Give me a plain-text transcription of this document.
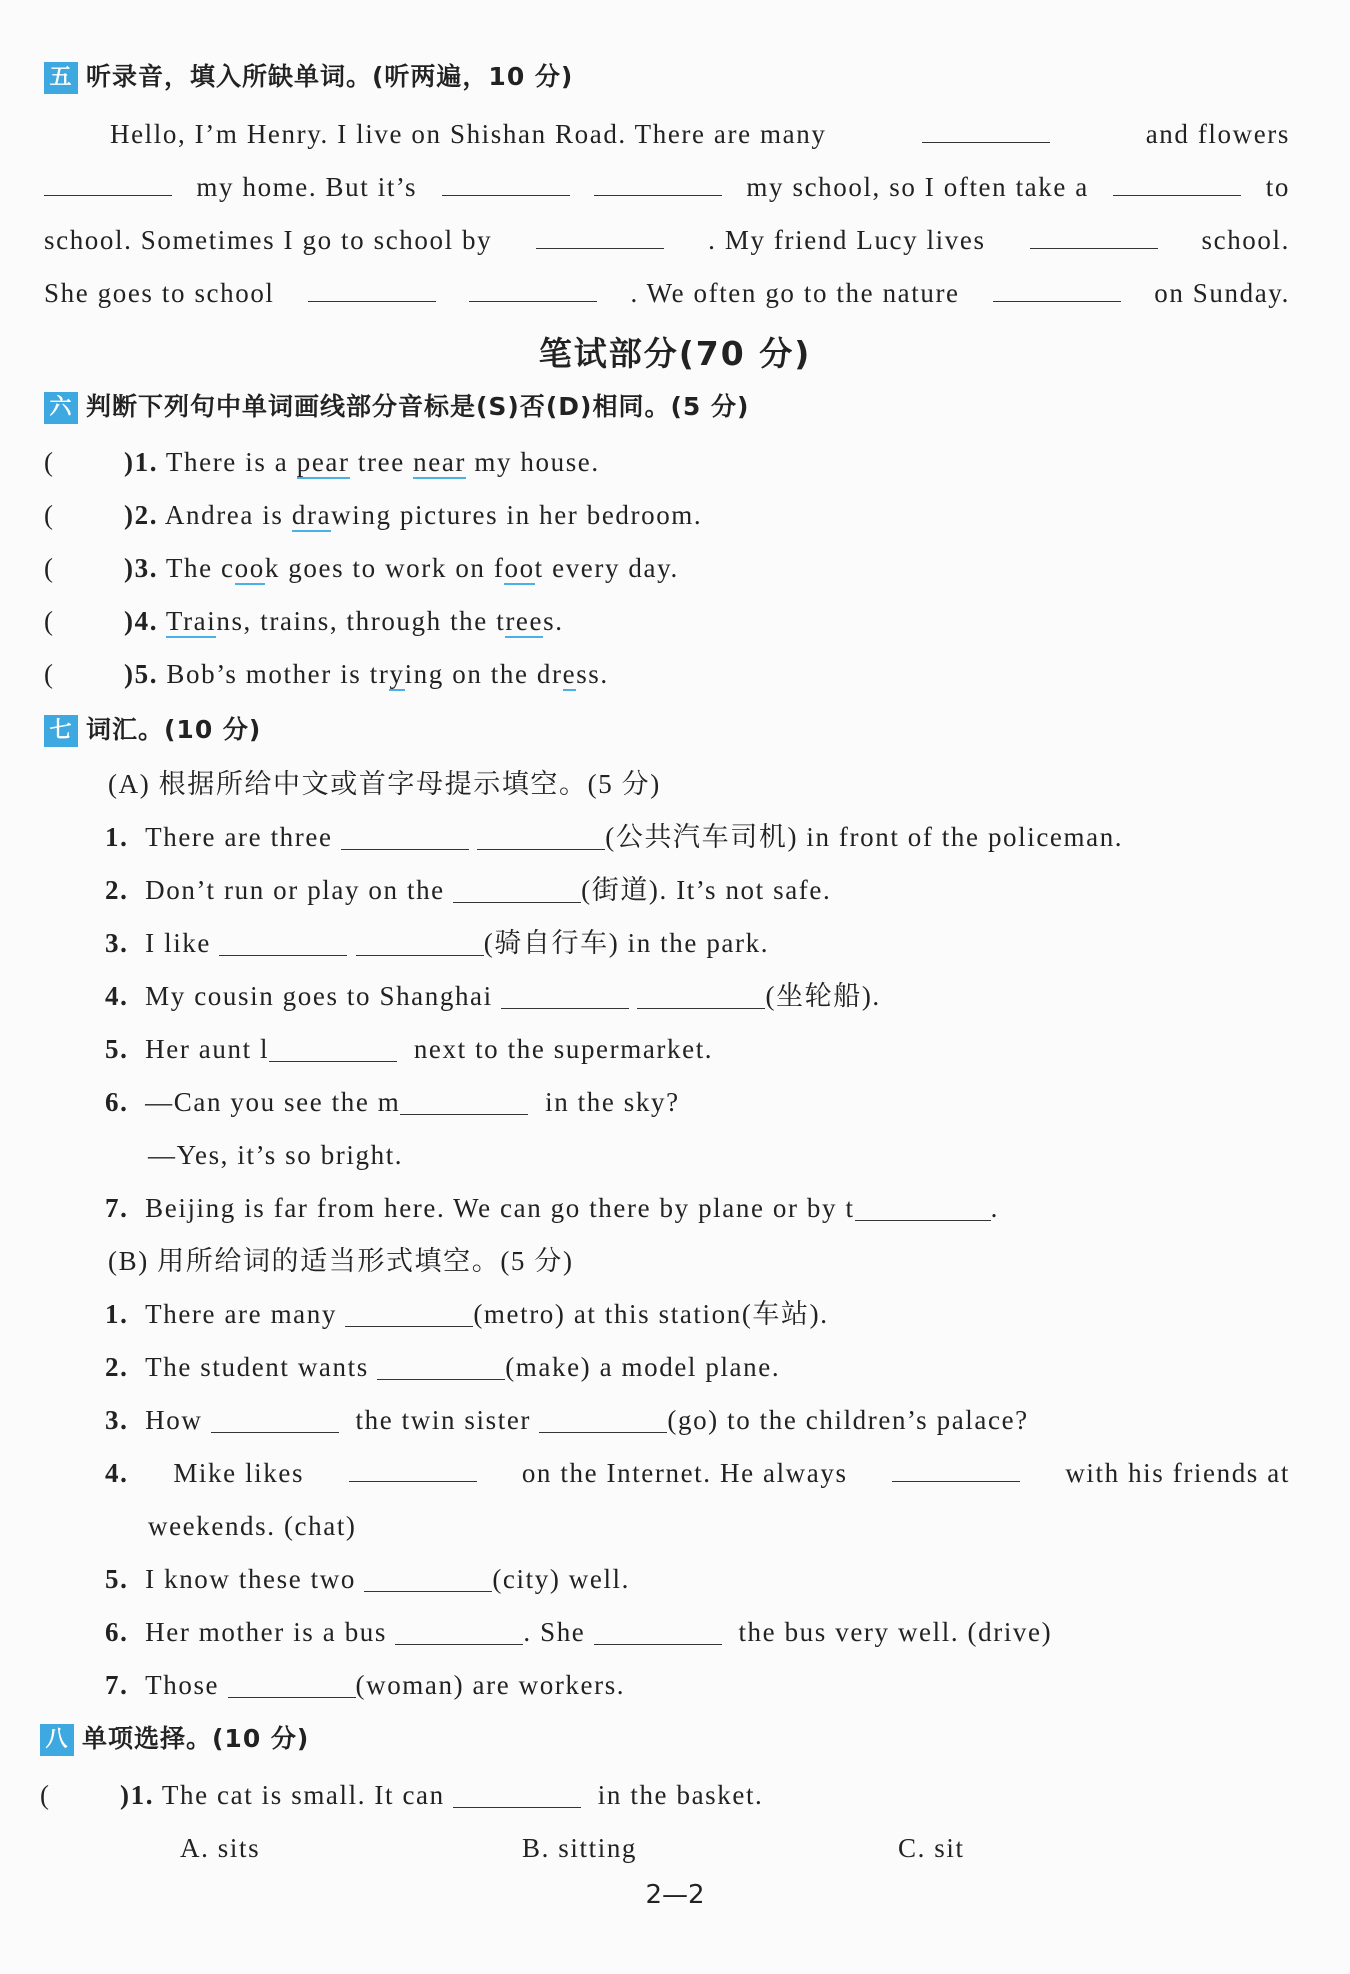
五 听录音，填入所缺单词。(听两遍，10 分)
Hello, I’m Henry. I live on Shishan Road. There are many	and flowers
my home. But it’s	my school, so I often take a	to
school. Sometimes I go to school by	. My friend Lucy lives	school.
She goes to school	. We often go to the nature	on Sunday.
笔试部分(70 分)
六 判断下列句中单词画线部分音标是(S)否(D)相同。(5 分)
(	)1. There is a pear tree near my house.
(	)2. Andrea is drawing pictures in her bedroom.
(	)3. The cook goes to work on foot every day.
(	)4. Trains, trains, through the trees.
(	)5. Bob’s mother is trying on the dress.
七 词汇。(10 分)
(A) 根据所给中文或首字母提示填空。(5 分)
1. There are three	(公共汽车司机) in front of the policeman.
2. Don’t run or play on the	(街道). It’s not safe.
3. I like	(骑自行车) in the park.
4. My cousin goes to Shanghai	(坐轮船).
5. Her aunt l	next to the supermarket.
6. —Can you see the m	in the sky?
—Yes, it’s so bright.
7. Beijing is far from here. We can go there by plane or by t	.
(B) 用所给词的适当形式填空。(5 分)
1. There are many	(metro) at this station(车站).
2. The student wants	(make) a model plane.
3. How	the twin sister	(go) to the children’s palace?
4. Mike likes	on the Internet. He always	with his friends at
weekends. (chat)
5. I know these two	(city) well.
6. Her mother is a bus	. She	the bus very well. (drive)
7. Those	(woman) are workers.
八 单项选择。(10 分)
(	)1. The cat is small. It can	in the basket.
A. sits	B. sitting	C. sit
2—2
